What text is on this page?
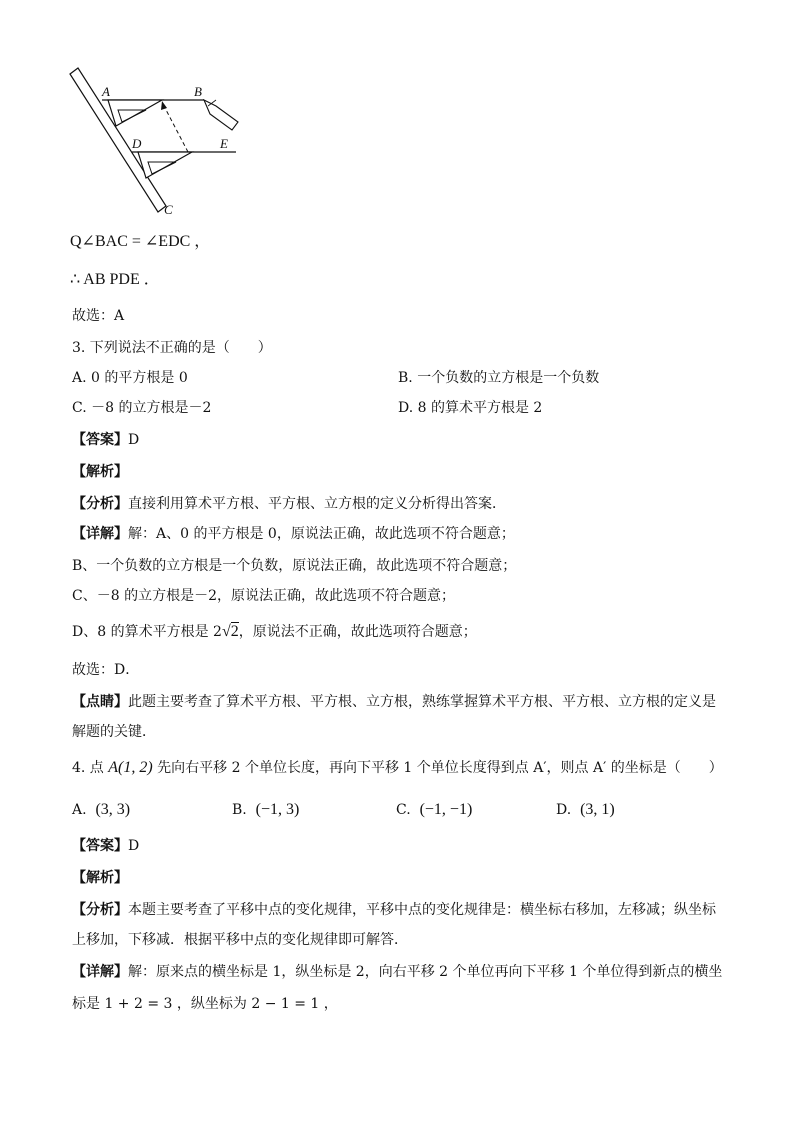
A	B
D	E
C
Q∠BAC = ∠EDC ，
∴ AB PDE ．
故选：A
3. 下列说法不正确的是（　　）
A. 0 的平方根是 0	B. 一个负数的立方根是一个负数
C. －8 的立方根是－2	D. 8 的算术平方根是 2
【答案】D
【解析】
【分析】直接利用算术平方根、平方根、立方根的定义分析得出答案．
【详解】解：A、0 的平方根是 0，原说法正确，故此选项不符合题意；
B、一个负数的立方根是一个负数，原说法正确，故此选项不符合题意；
C、－8 的立方根是－2，原说法正确，故此选项不符合题意；
D、8 的算术平方根是 2√2，原说法不正确，故此选项符合题意；
故选：D．
【点睛】此题主要考查了算术平方根、平方根、立方根，熟练掌握算术平方根、平方根、立方根的定义是
解题的关键．
4. 点 A(1, 2) 先向右平移 2 个单位长度，再向下平移 1 个单位长度得到点 A′，则点 A′ 的坐标是（　　）
A. (3, 3)	B. (−1, 3)	C. (−1, −1)	D. (3, 1)
【答案】D
【解析】
【分析】本题主要考查了平移中点的变化规律，平移中点的变化规律是：横坐标右移加，左移减；纵坐标
上移加，下移减．根据平移中点的变化规律即可解答．
【详解】解：原来点的横坐标是 1，纵坐标是 2，向右平移 2 个单位再向下平移 1 个单位得到新点的横坐
标是 1 + 2 = 3 ，纵坐标为 2 − 1 = 1 ，
